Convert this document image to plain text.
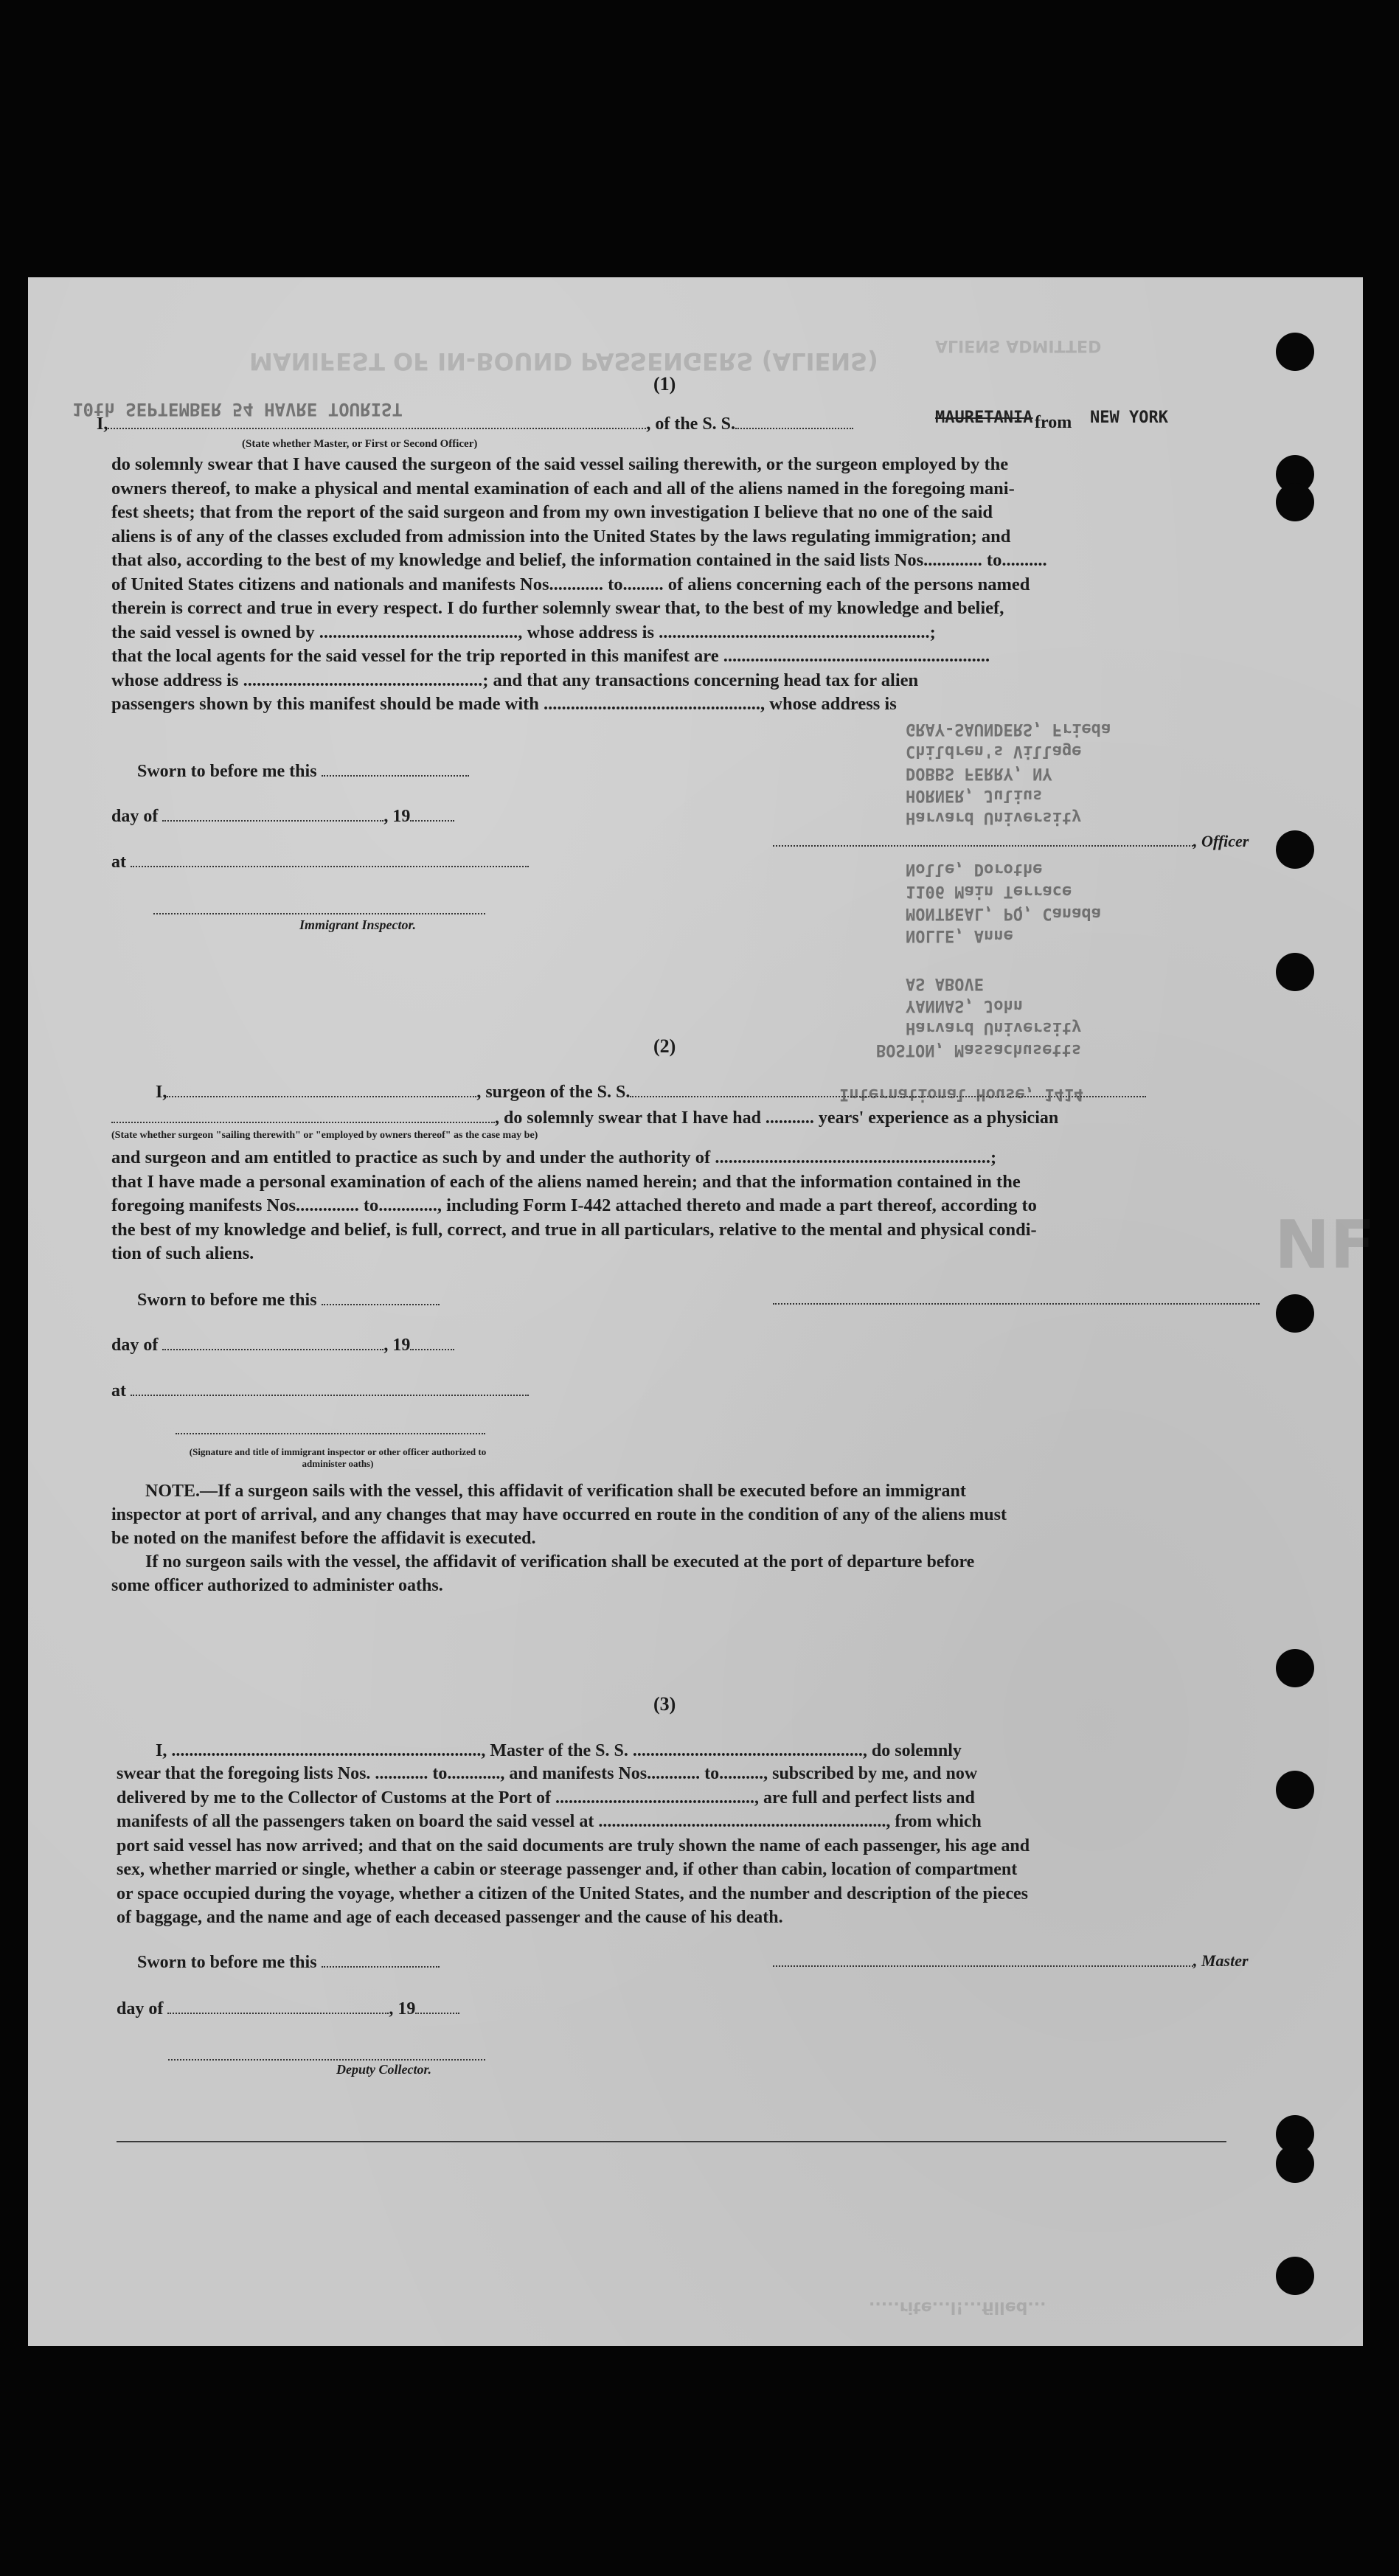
MANIFEST OF IN-BOUND PASSENGERS (ALIENS)
ALIENS ADMITTED
10th SEPTEMBER 54 HAVRE TOURIST
(1)
I,	, of the S. S.	MAURETANIA from NEW YORK
(State whether Master, or First or Second Officer)
do solemnly swear that I have caused the surgeon of the said vessel sailing therewith, or the surgeon employed by the
owners thereof, to make a physical and mental examination of each and all of the aliens named in the foregoing mani-
fest sheets; that from the report of the said surgeon and from my own investigation I believe that no one of the said
aliens is of any of the classes excluded from admission into the United States by the laws regulating immigration; and
that also, according to the best of my knowledge and belief, the information contained in the said lists Nos............. to..........
of United States citizens and nationals and manifests Nos............ to......... of aliens concerning each of the persons named
therein is correct and true in every respect. I do further solemnly swear that, to the best of my knowledge and belief,
the said vessel is owned by ............................................, whose address is ............................................................;
that the local agents for the said vessel for the trip reported in this manifest are ...........................................................
whose address is .....................................................; and that any transactions concerning head tax for alien
passengers shown by this manifest should be made with ................................................, whose address is
GRAY-SAUNDERS, Frieda
Children's Village
DOBBS FERRY, NY
HORNER, Julius
Harvard University
Nolle, Dorothe
1106 Main Terrace
MONTREAL, PQ, Canada
NOLLE, Anne
AS ABOVE
YANNAS, John
Harvard University
BOSTON, Massachusetts
International House, 1414
Sworn to before me this
day of	, 19
at
Immigrant Inspector.
, Officer
(2)
I,	, surgeon of the S. S.
, do solemnly swear that I have had ........... years' experience as a physician
(State whether surgeon "sailing therewith" or "employed by owners thereof" as the case may be)
and surgeon and am entitled to practice as such by and under the authority of .............................................................;
that I have made a personal examination of each of the aliens named herein; and that the information contained in the
foregoing manifests Nos.............. to............., including Form I-442 attached thereto and made a part thereof, according to
the best of my knowledge and belief, is full, correct, and true in all particulars, relative to the mental and physical condi-
tion of such aliens.
Sworn to before me this
day of	, 19
at
(Signature and title of immigrant inspector or other officer authorized to administer oaths)
NOTE.—If a surgeon sails with the vessel, this affidavit of verification shall be executed before an immigrant
inspector at port of arrival, and any changes that may have occurred en route in the condition of any of the aliens must
be noted on the manifest before the affidavit is executed.
If no surgeon sails with the vessel, the affidavit of verification shall be executed at the port of departure before
some officer authorized to administer oaths.
(3)
I, ......................................................................, Master of the S. S. ...................................................., do solemnly
swear that the foregoing lists Nos. ............ to............, and manifests Nos............ to.........., subscribed by me, and now
delivered by me to the Collector of Customs at the Port of ............................................., are full and perfect lists and
manifests of all the passengers taken on board the said vessel at ................................................................., from which
port said vessel has now arrived; and that on the said documents are truly shown the name of each passenger, his age and
sex, whether married or single, whether a cabin or steerage passenger and, if other than cabin, location of compartment
or space occupied during the voyage, whether a citizen of the United States, and the number and description of the pieces
of baggage, and the name and age of each deceased passenger and the cause of his death.
Sworn to before me this	, Master
day of	, 19
Deputy Collector.
.....rite...l!...filled...
NF
